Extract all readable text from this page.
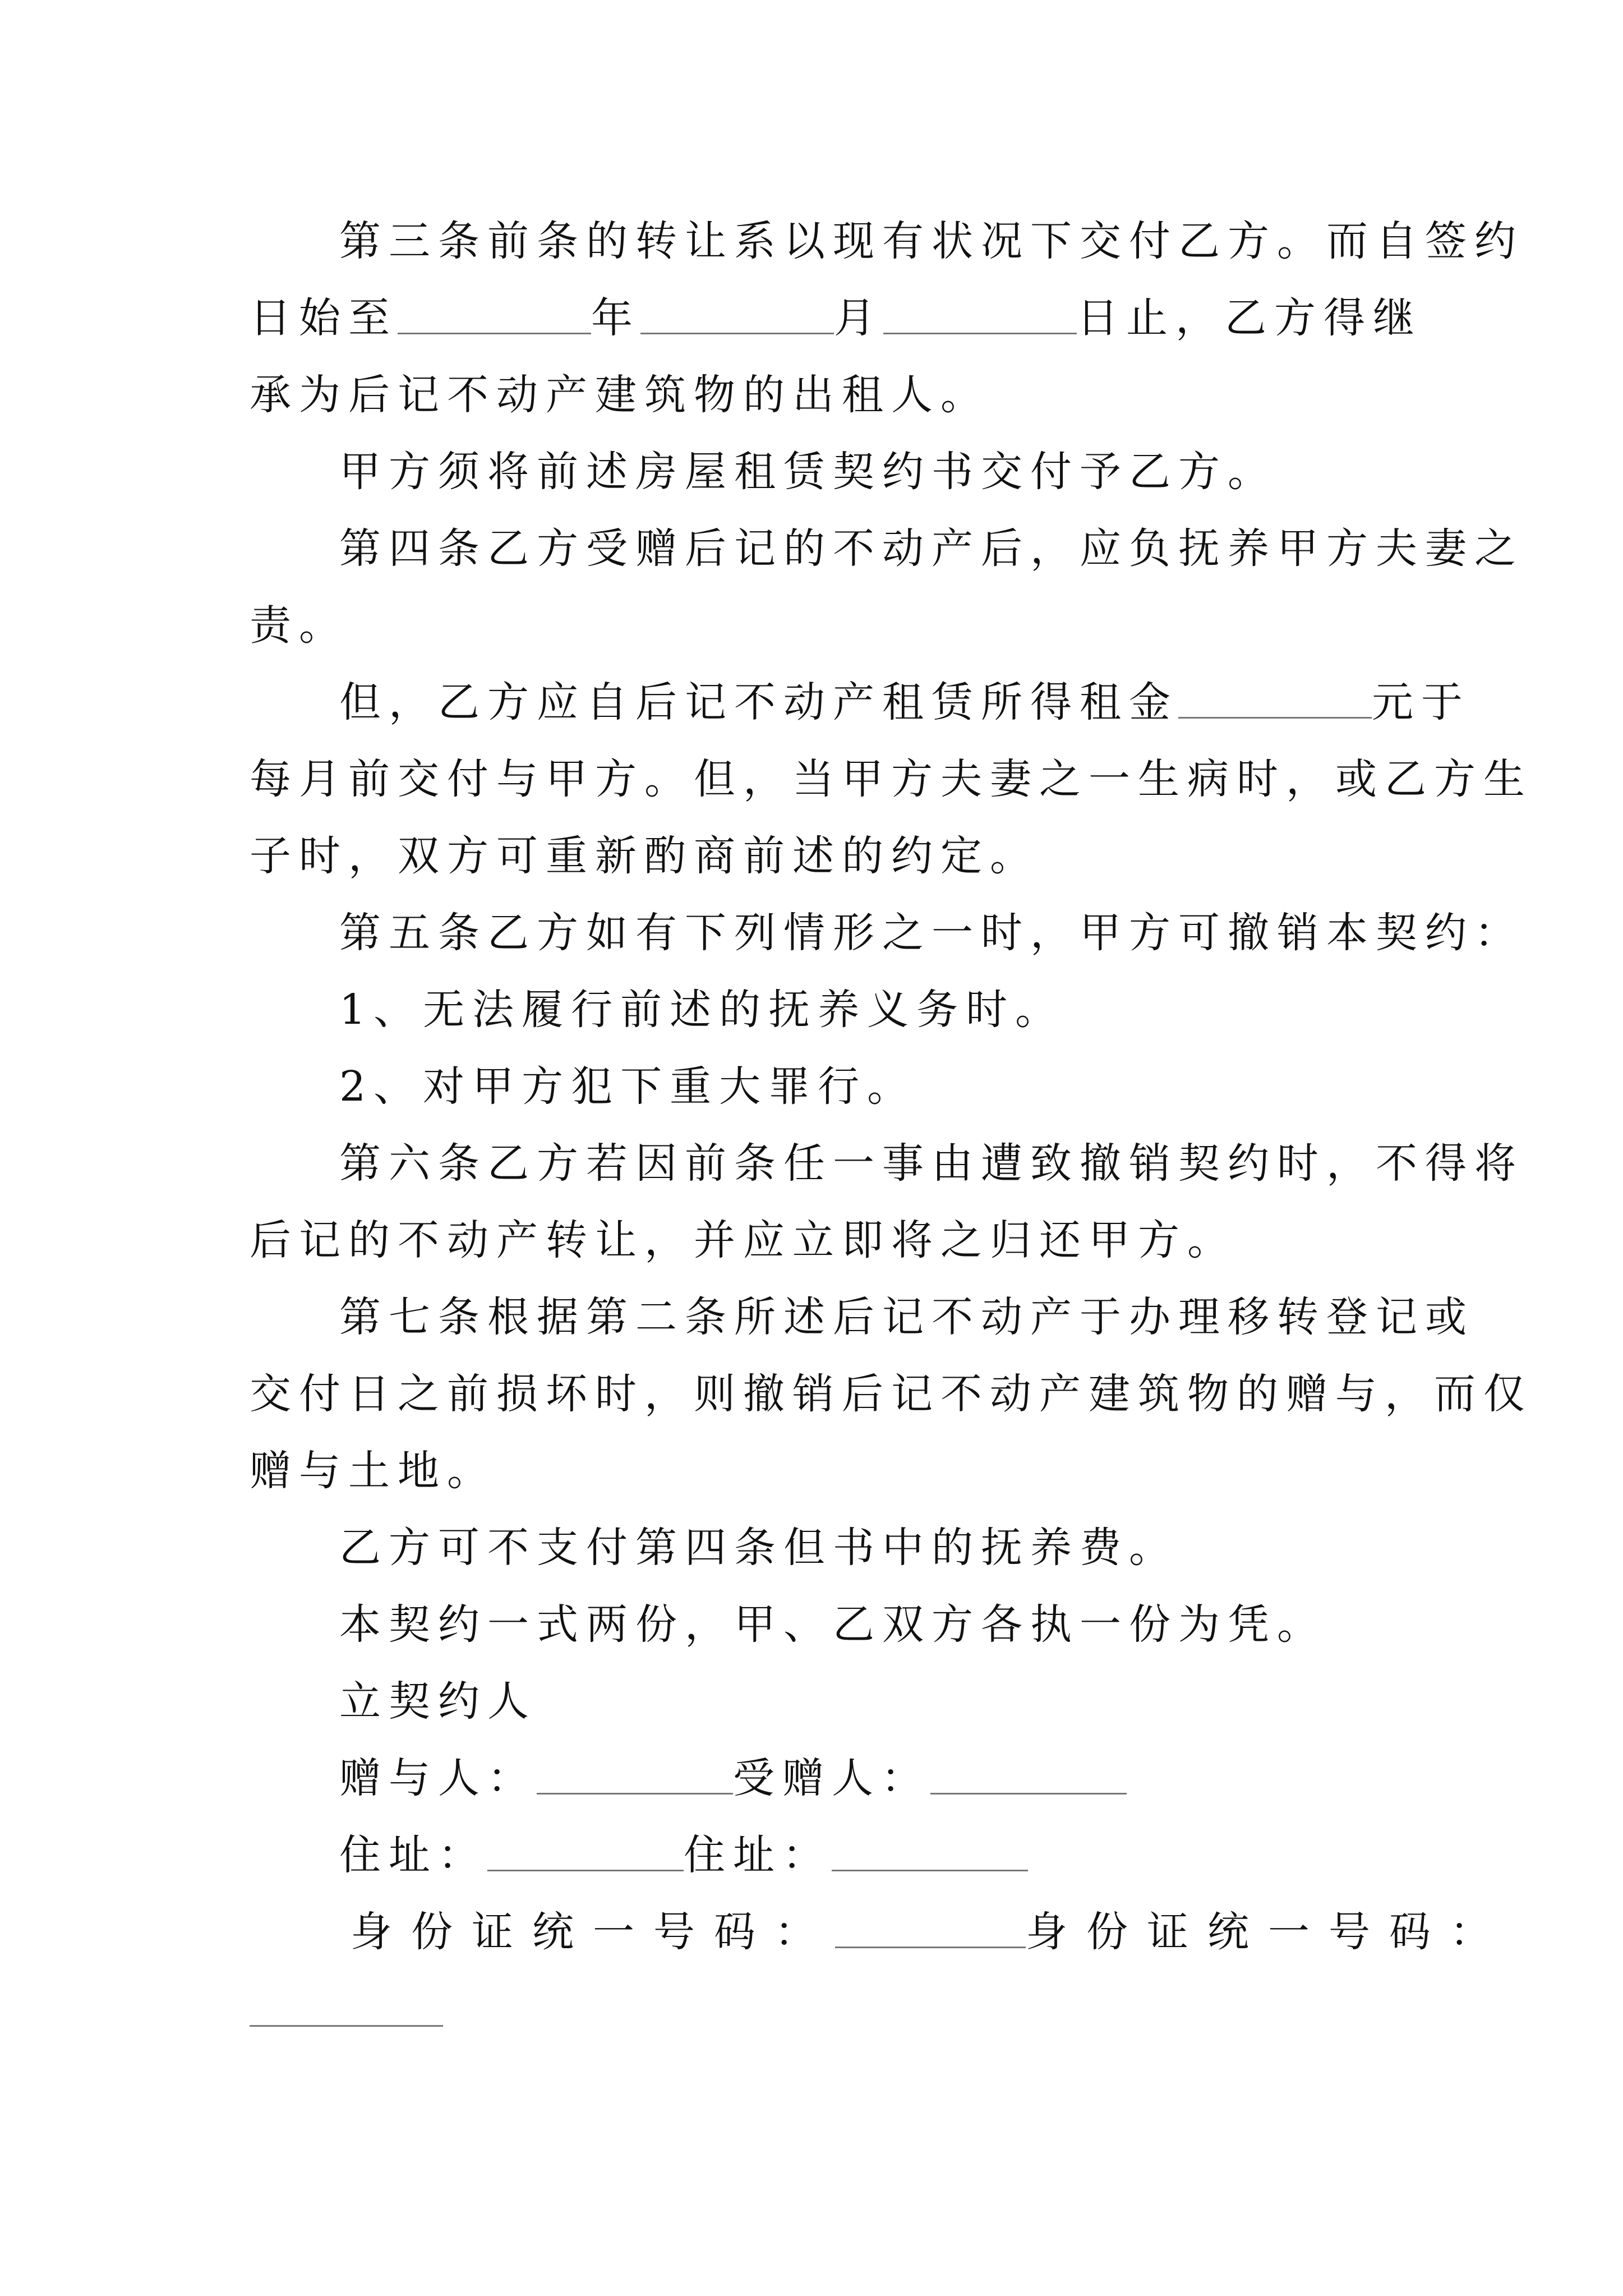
第三条前条的转让系以现有状况下交付乙方。而自签约

日始至	年	月	日止，乙方得继

承为后记不动产建筑物的出租人。

甲方须将前述房屋租赁契约书交付予乙方。

第四条乙方受赠后记的不动产后，应负抚养甲方夫妻之

责。

但，乙方应自后记不动产租赁所得租金	元于

每月前交付与甲方。但，当甲方夫妻之一生病时，或乙方生

子时，双方可重新酌商前述的约定。

第五条乙方如有下列情形之一时，甲方可撤销本契约：

1、无法履行前述的抚养义务时。

2、对甲方犯下重大罪行。

第六条乙方若因前条任一事由遭致撤销契约时，不得将

后记的不动产转让，并应立即将之归还甲方。

第七条根据第二条所述后记不动产于办理移转登记或

交付日之前损坏时，则撤销后记不动产建筑物的赠与，而仅

赠与土地。

乙方可不支付第四条但书中的抚养费。

本契约一式两份，甲、乙双方各执一份为凭。

立契约人

赠与人：	受赠人：

住址：	住址：

身份证统一号码：	身份证统一号码：
